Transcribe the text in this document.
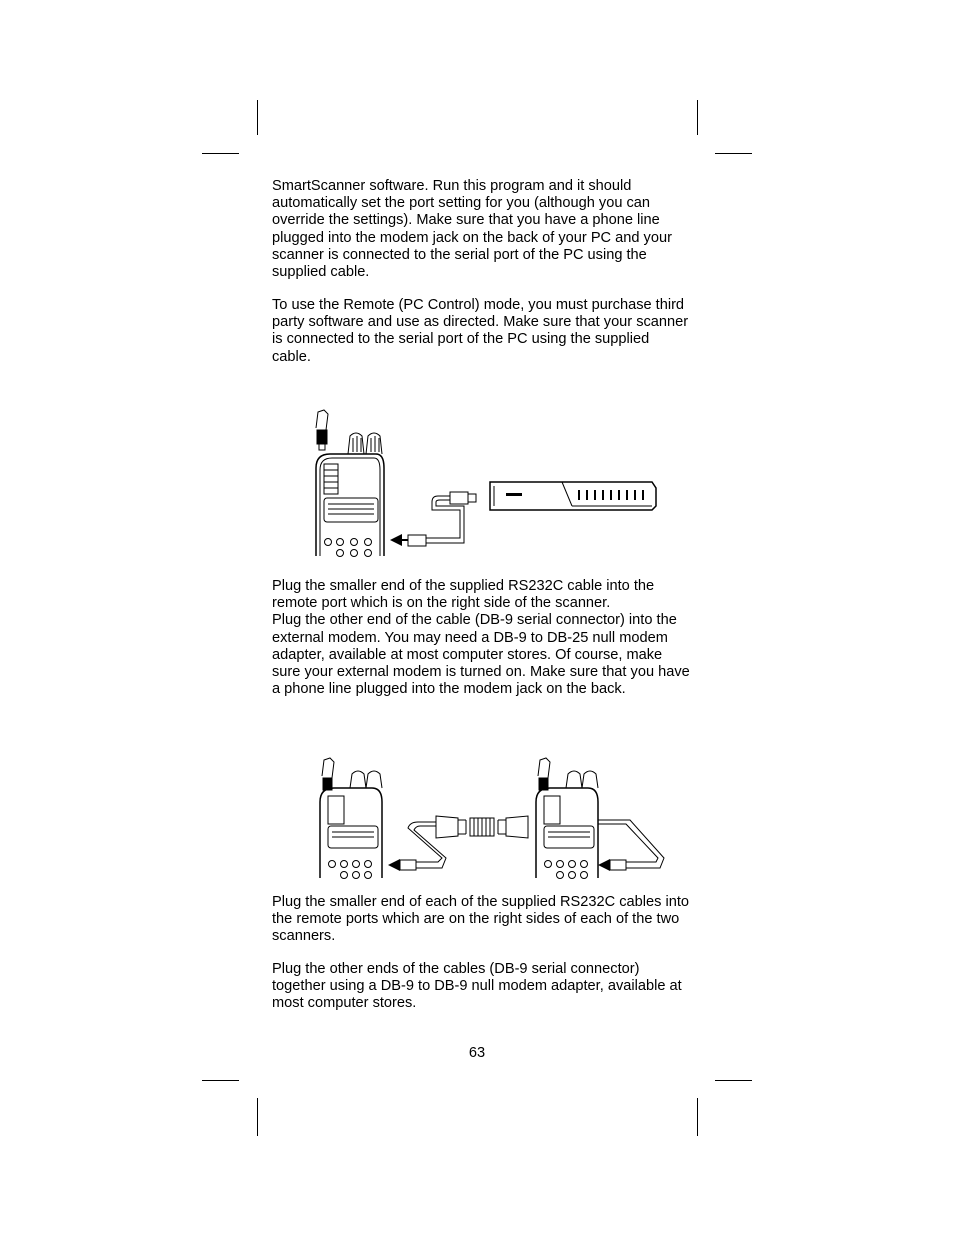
SmartScanner software. Run this program and it should automatically set the port setting for you (although you can override the settings). Make sure that you have a phone line plugged into the modem jack on the back of your PC and your scanner is connected to the serial port of the PC using the supplied cable.

To use the Remote (PC Control) mode, you must purchase third party software and use as directed. Make sure that your scanner is connected to the serial port of the PC using the supplied cable.

Plug the smaller end of the supplied RS232C cable into the remote port which is on the right side of the scanner.
Plug the other end of the cable (DB-9 serial connector) into the external modem. You may need a DB-9 to DB-25 null modem adapter, available at most computer stores. Of course, make sure your external modem is turned on. Make sure that you have a phone line plugged into the modem jack on the back.

Plug the smaller end of each of the supplied RS232C cables into the remote ports which are on the right sides of each of the two scanners.

Plug the other ends of the cables (DB-9 serial connector) together using a DB-9 to DB-9 null modem adapter, available at most computer stores.

63
